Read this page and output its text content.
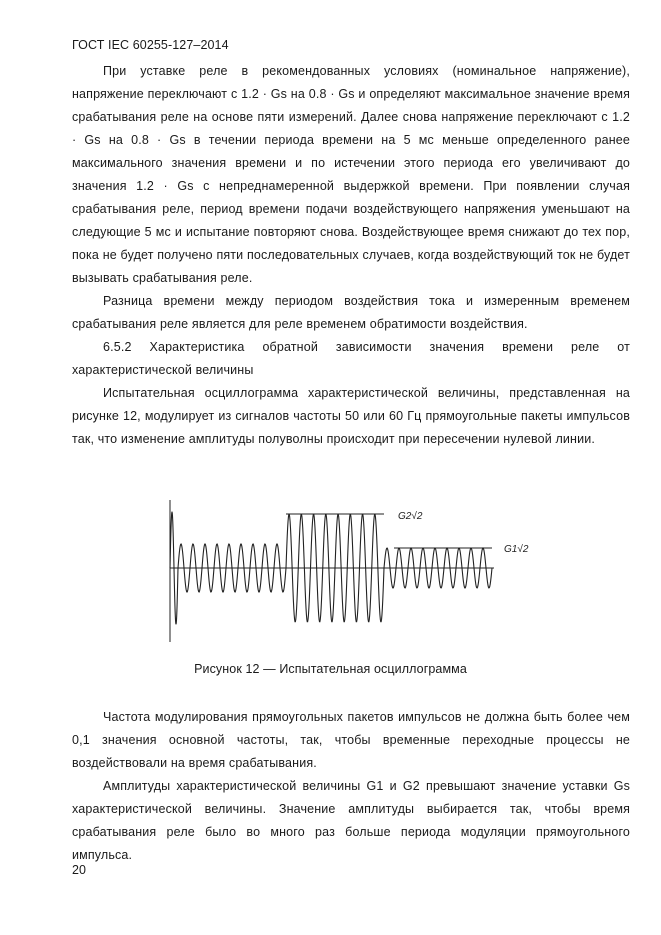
ГОСТ IEC 60255-127–2014

При уставке реле в рекомендованных условиях (номинальное напряжение), напряжение переключают с 1.2 · Gs на 0.8 · Gs и определяют максимальное значение время срабатывания реле на основе пяти измерений. Далее снова напряжение переключают с 1.2 · Gs на 0.8 · Gs в течении периода времени на 5 мс меньше определенного ранее максимального значения времени и по истечении этого периода его увеличивают до значения 1.2 · Gs с непреднамеренной выдержкой времени. При появлении случая срабатывания реле, период времени подачи воздействующего напряжения уменьшают на следующие 5 мс и испытание повторяют снова. Воздействующее время снижают до тех пор, пока не будет получено пяти последовательных случаев, когда воздействующий ток не будет вызывать срабатывания реле.

Разница времени между периодом воздействия тока и измеренным временем срабатывания реле является для реле временем обратимости воздействия.

6.5.2 Характеристика обратной зависимости значения времени реле от характеристической величины

Испытательная осциллограмма характеристической величины, представленная на рисунке 12, модулирует из сигналов частоты 50 или 60 Гц прямоугольные пакеты импульсов так, что изменение амплитуды полуволны происходит при пересечении нулевой линии.

G2√2
G1√2
Рисунок 12 — Испытательная осциллограмма

Частота модулирования прямоугольных пакетов импульсов не должна быть более чем 0,1 значения основной частоты, так, чтобы временные переходные процессы не воздействовали на время срабатывания.

Амплитуды характеристической величины G1 и G2 превышают значение уставки Gs характеристической величины. Значение амплитуды выбирается так, чтобы время срабатывания реле было во много раз больше периода модуляции прямоугольного импульса.

20
